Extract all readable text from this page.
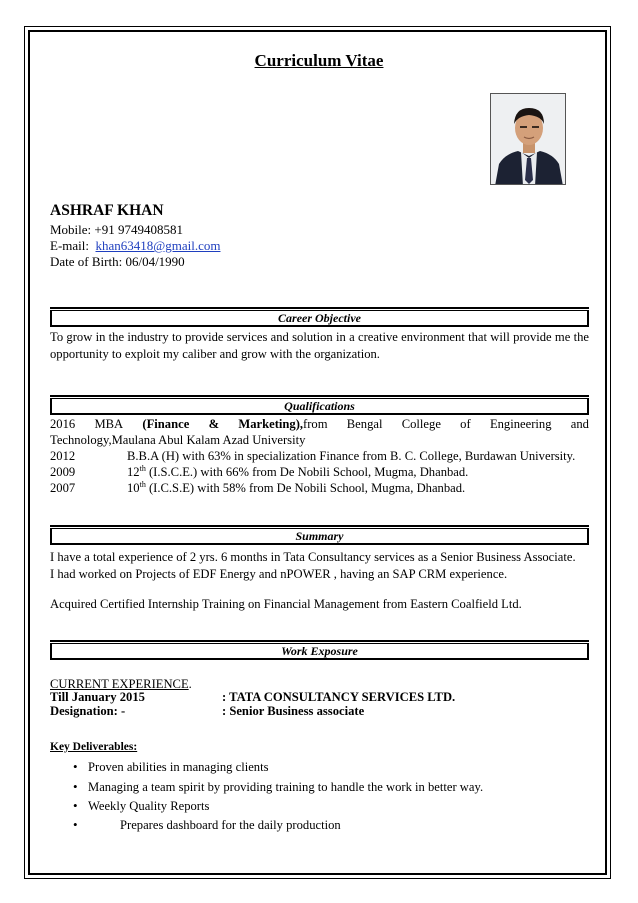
Curriculum Vitae
ASHRAF KHAN
Mobile: +91 9749408581
E-mail: khan63418@gmail.com
Date of Birth: 06/04/1990
Career Objective
To grow in the industry to provide services and solution in a creative environment that will provide me the opportunity to exploit my caliber and grow with the organization.
Qualifications
2016 MBA (Finance & Marketing),from Bengal College of Engineering and
Technology,Maulana Abul Kalam Azad University
2012	B.B.A (H) with 63% in specialization Finance from B. C. College, Burdawan University.
2009	12th (I.S.C.E.) with 66% from De Nobili School, Mugma, Dhanbad.
2007	10th (I.C.S.E) with 58% from De Nobili School, Mugma, Dhanbad.
Summary
I have a total experience of 2 yrs. 6 months in Tata Consultancy services as a Senior Business Associate.
I had worked on Projects of EDF Energy and nPOWER , having an SAP CRM experience.
Acquired Certified Internship Training on Financial Management from Eastern Coalfield Ltd.
Work Exposure
CURRENT EXPERIENCE.
Till January 2015	: TATA CONSULTANCY SERVICES LTD.
Designation: -	: Senior Business associate
Key Deliverables:
• Proven abilities in managing clients
• Managing a team spirit by providing training to handle the work in better way.
• Weekly Quality Reports
•	Prepares dashboard for the daily production
